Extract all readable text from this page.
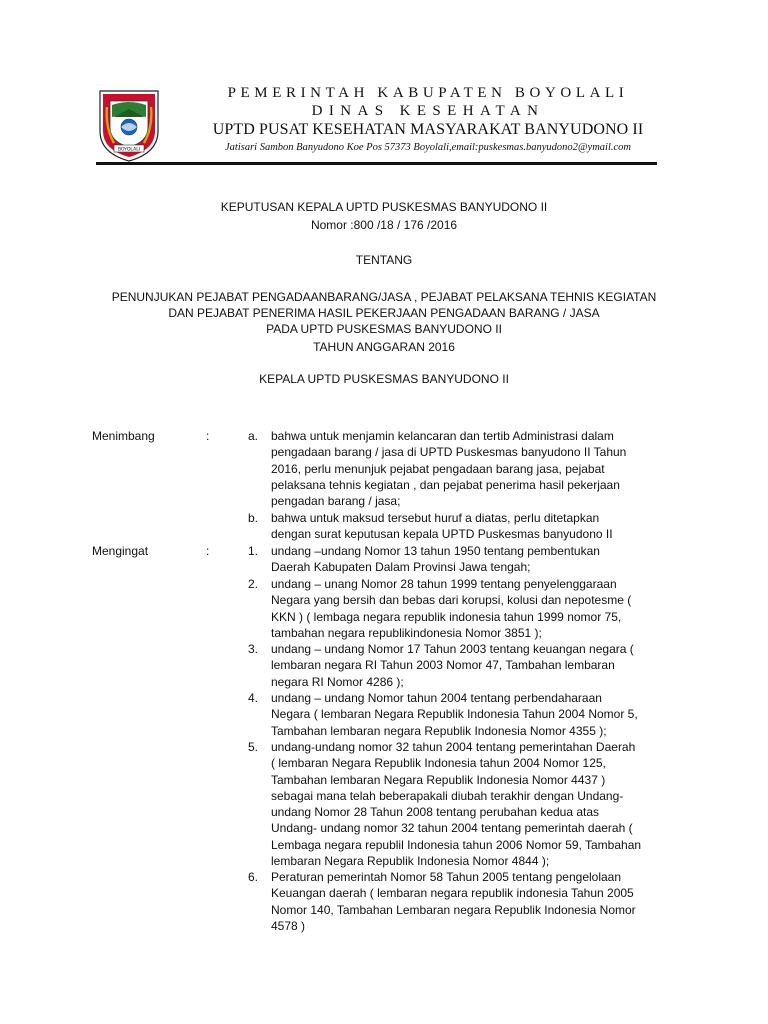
BOYOLALI
PEMERINTAH KABUPATEN BOYOLALI
DINAS KESEHATAN
UPTD PUSAT KESEHATAN MASYARAKAT BANYUDONO II
Jatisari Sambon Banyudono Koe Pos 57373 Boyolali,email:puskesmas.banyudono2@ymail.com
KEPUTUSAN KEPALA UPTD PUSKESMAS BANYUDONO II
Nomor :800 /18 / 176 /2016
TENTANG
PENUNJUKAN PEJABAT PENGADAANBARANG/JASA , PEJABAT PELAKSANA TEHNIS KEGIATAN
DAN PEJABAT PENERIMA HASIL PEKERJAAN PENGADAAN BARANG / JASA
PADA UPTD PUSKESMAS BANYUDONO II
TAHUN ANGGARAN 2016
KEPALA UPTD PUSKESMAS BANYUDONO II
Menimbang	:	a.	bahwa untuk menjamin kelancaran dan tertib Administrasi dalam
pengadaan barang / jasa di UPTD Puskesmas banyudono II Tahun
2016, perlu menunjuk pejabat pengadaan barang jasa, pejabat
pelaksana tehnis kegiatan , dan pejabat penerima hasil pekerjaan
pengadan barang / jasa;
b.	bahwa untuk maksud tersebut huruf a diatas, perlu ditetapkan
dengan surat keputusan kepala UPTD Puskesmas banyudono II
Mengingat	:	1.	undang –undang Nomor 13 tahun 1950 tentang pembentukan
Daerah Kabupaten Dalam Provinsi Jawa tengah;
2.	undang – unang Nomor 28 tahun 1999 tentang penyelenggaraan
Negara yang bersih dan bebas dari korupsi, kolusi dan nepotesme (
KKN ) ( lembaga negara republik indonesia tahun 1999 nomor 75,
tambahan negara republikindonesia Nomor 3851 );
3.	undang – undang Nomor 17 Tahun 2003 tentang keuangan negara (
lembaran negara RI Tahun 2003 Nomor 47, Tambahan lembaran
negara RI Nomor 4286 );
4.	undang – undang Nomor tahun 2004 tentang perbendaharaan
Negara ( lembaran Negara Republik Indonesia Tahun 2004 Nomor 5,
Tambahan lembaran negara Republik Indonesia Nomor 4355 );
5.	undang-undang nomor 32 tahun 2004 tentang pemerintahan Daerah
( lembaran Negara Republik Indonesia tahun 2004 Nomor 125,
Tambahan lembaran Negara Republik Indonesia Nomor 4437 )
sebagai mana telah beberapakali diubah terakhir dengan Undang-
undang Nomor 28 Tahun 2008 tentang perubahan kedua atas
Undang- undang nomor 32 tahun 2004 tentang pemerintah daerah (
Lembaga negara republil Indonesia tahun 2006 Nomor 59, Tambahan
lembaran Negara Republik Indonesia Nomor 4844 );
6.	Peraturan pemerintah Nomor 58 Tahun 2005 tentang pengelolaan
Keuangan daerah ( lembaran negara republik indonesia Tahun 2005
Nomor 140, Tambahan Lembaran negara Republik Indonesia Nomor
4578 )
